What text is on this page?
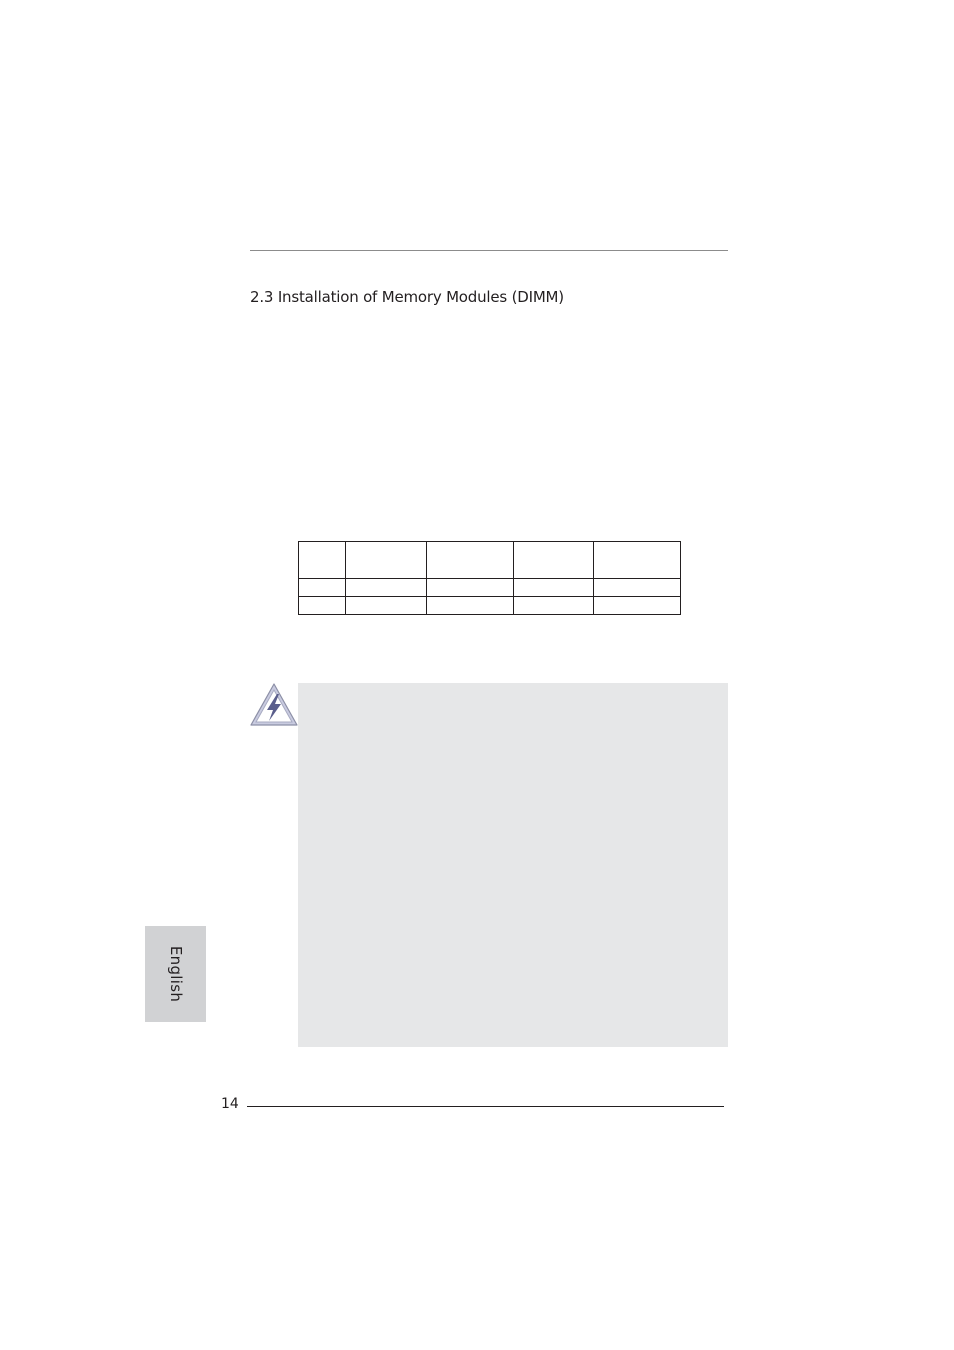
2.3 Installation of Memory Modules (DIMM)

English
14
